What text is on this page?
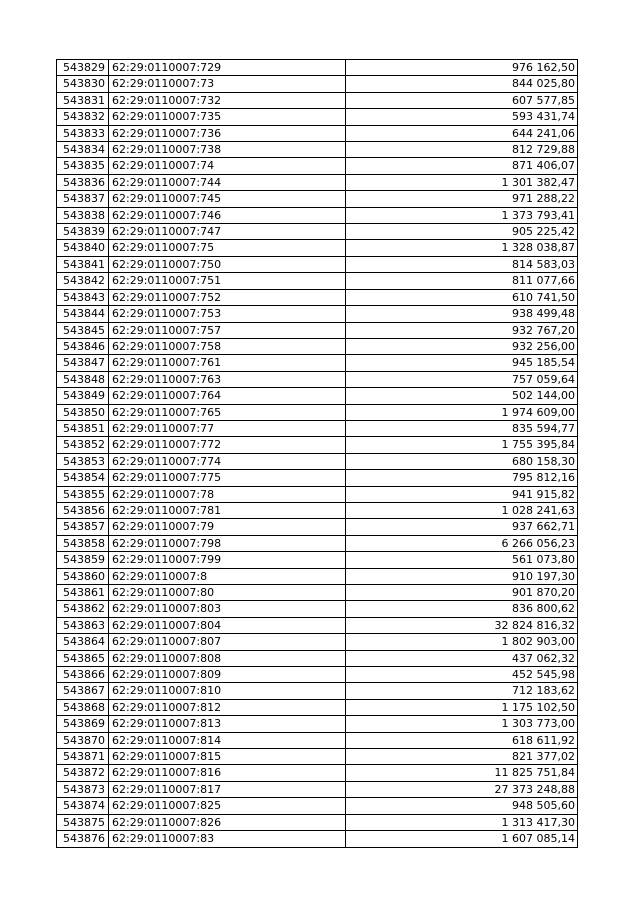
543829	62:29:0110007:729	976 162,50
543830	62:29:0110007:73	844 025,80
543831	62:29:0110007:732	607 577,85
543832	62:29:0110007:735	593 431,74
543833	62:29:0110007:736	644 241,06
543834	62:29:0110007:738	812 729,88
543835	62:29:0110007:74	871 406,07
543836	62:29:0110007:744	1 301 382,47
543837	62:29:0110007:745	971 288,22
543838	62:29:0110007:746	1 373 793,41
543839	62:29:0110007:747	905 225,42
543840	62:29:0110007:75	1 328 038,87
543841	62:29:0110007:750	814 583,03
543842	62:29:0110007:751	811 077,66
543843	62:29:0110007:752	610 741,50
543844	62:29:0110007:753	938 499,48
543845	62:29:0110007:757	932 767,20
543846	62:29:0110007:758	932 256,00
543847	62:29:0110007:761	945 185,54
543848	62:29:0110007:763	757 059,64
543849	62:29:0110007:764	502 144,00
543850	62:29:0110007:765	1 974 609,00
543851	62:29:0110007:77	835 594,77
543852	62:29:0110007:772	1 755 395,84
543853	62:29:0110007:774	680 158,30
543854	62:29:0110007:775	795 812,16
543855	62:29:0110007:78	941 915,82
543856	62:29:0110007:781	1 028 241,63
543857	62:29:0110007:79	937 662,71
543858	62:29:0110007:798	6 266 056,23
543859	62:29:0110007:799	561 073,80
543860	62:29:0110007:8	910 197,30
543861	62:29:0110007:80	901 870,20
543862	62:29:0110007:803	836 800,62
543863	62:29:0110007:804	32 824 816,32
543864	62:29:0110007:807	1 802 903,00
543865	62:29:0110007:808	437 062,32
543866	62:29:0110007:809	452 545,98
543867	62:29:0110007:810	712 183,62
543868	62:29:0110007:812	1 175 102,50
543869	62:29:0110007:813	1 303 773,00
543870	62:29:0110007:814	618 611,92
543871	62:29:0110007:815	821 377,02
543872	62:29:0110007:816	11 825 751,84
543873	62:29:0110007:817	27 373 248,88
543874	62:29:0110007:825	948 505,60
543875	62:29:0110007:826	1 313 417,30
543876	62:29:0110007:83	1 607 085,14
